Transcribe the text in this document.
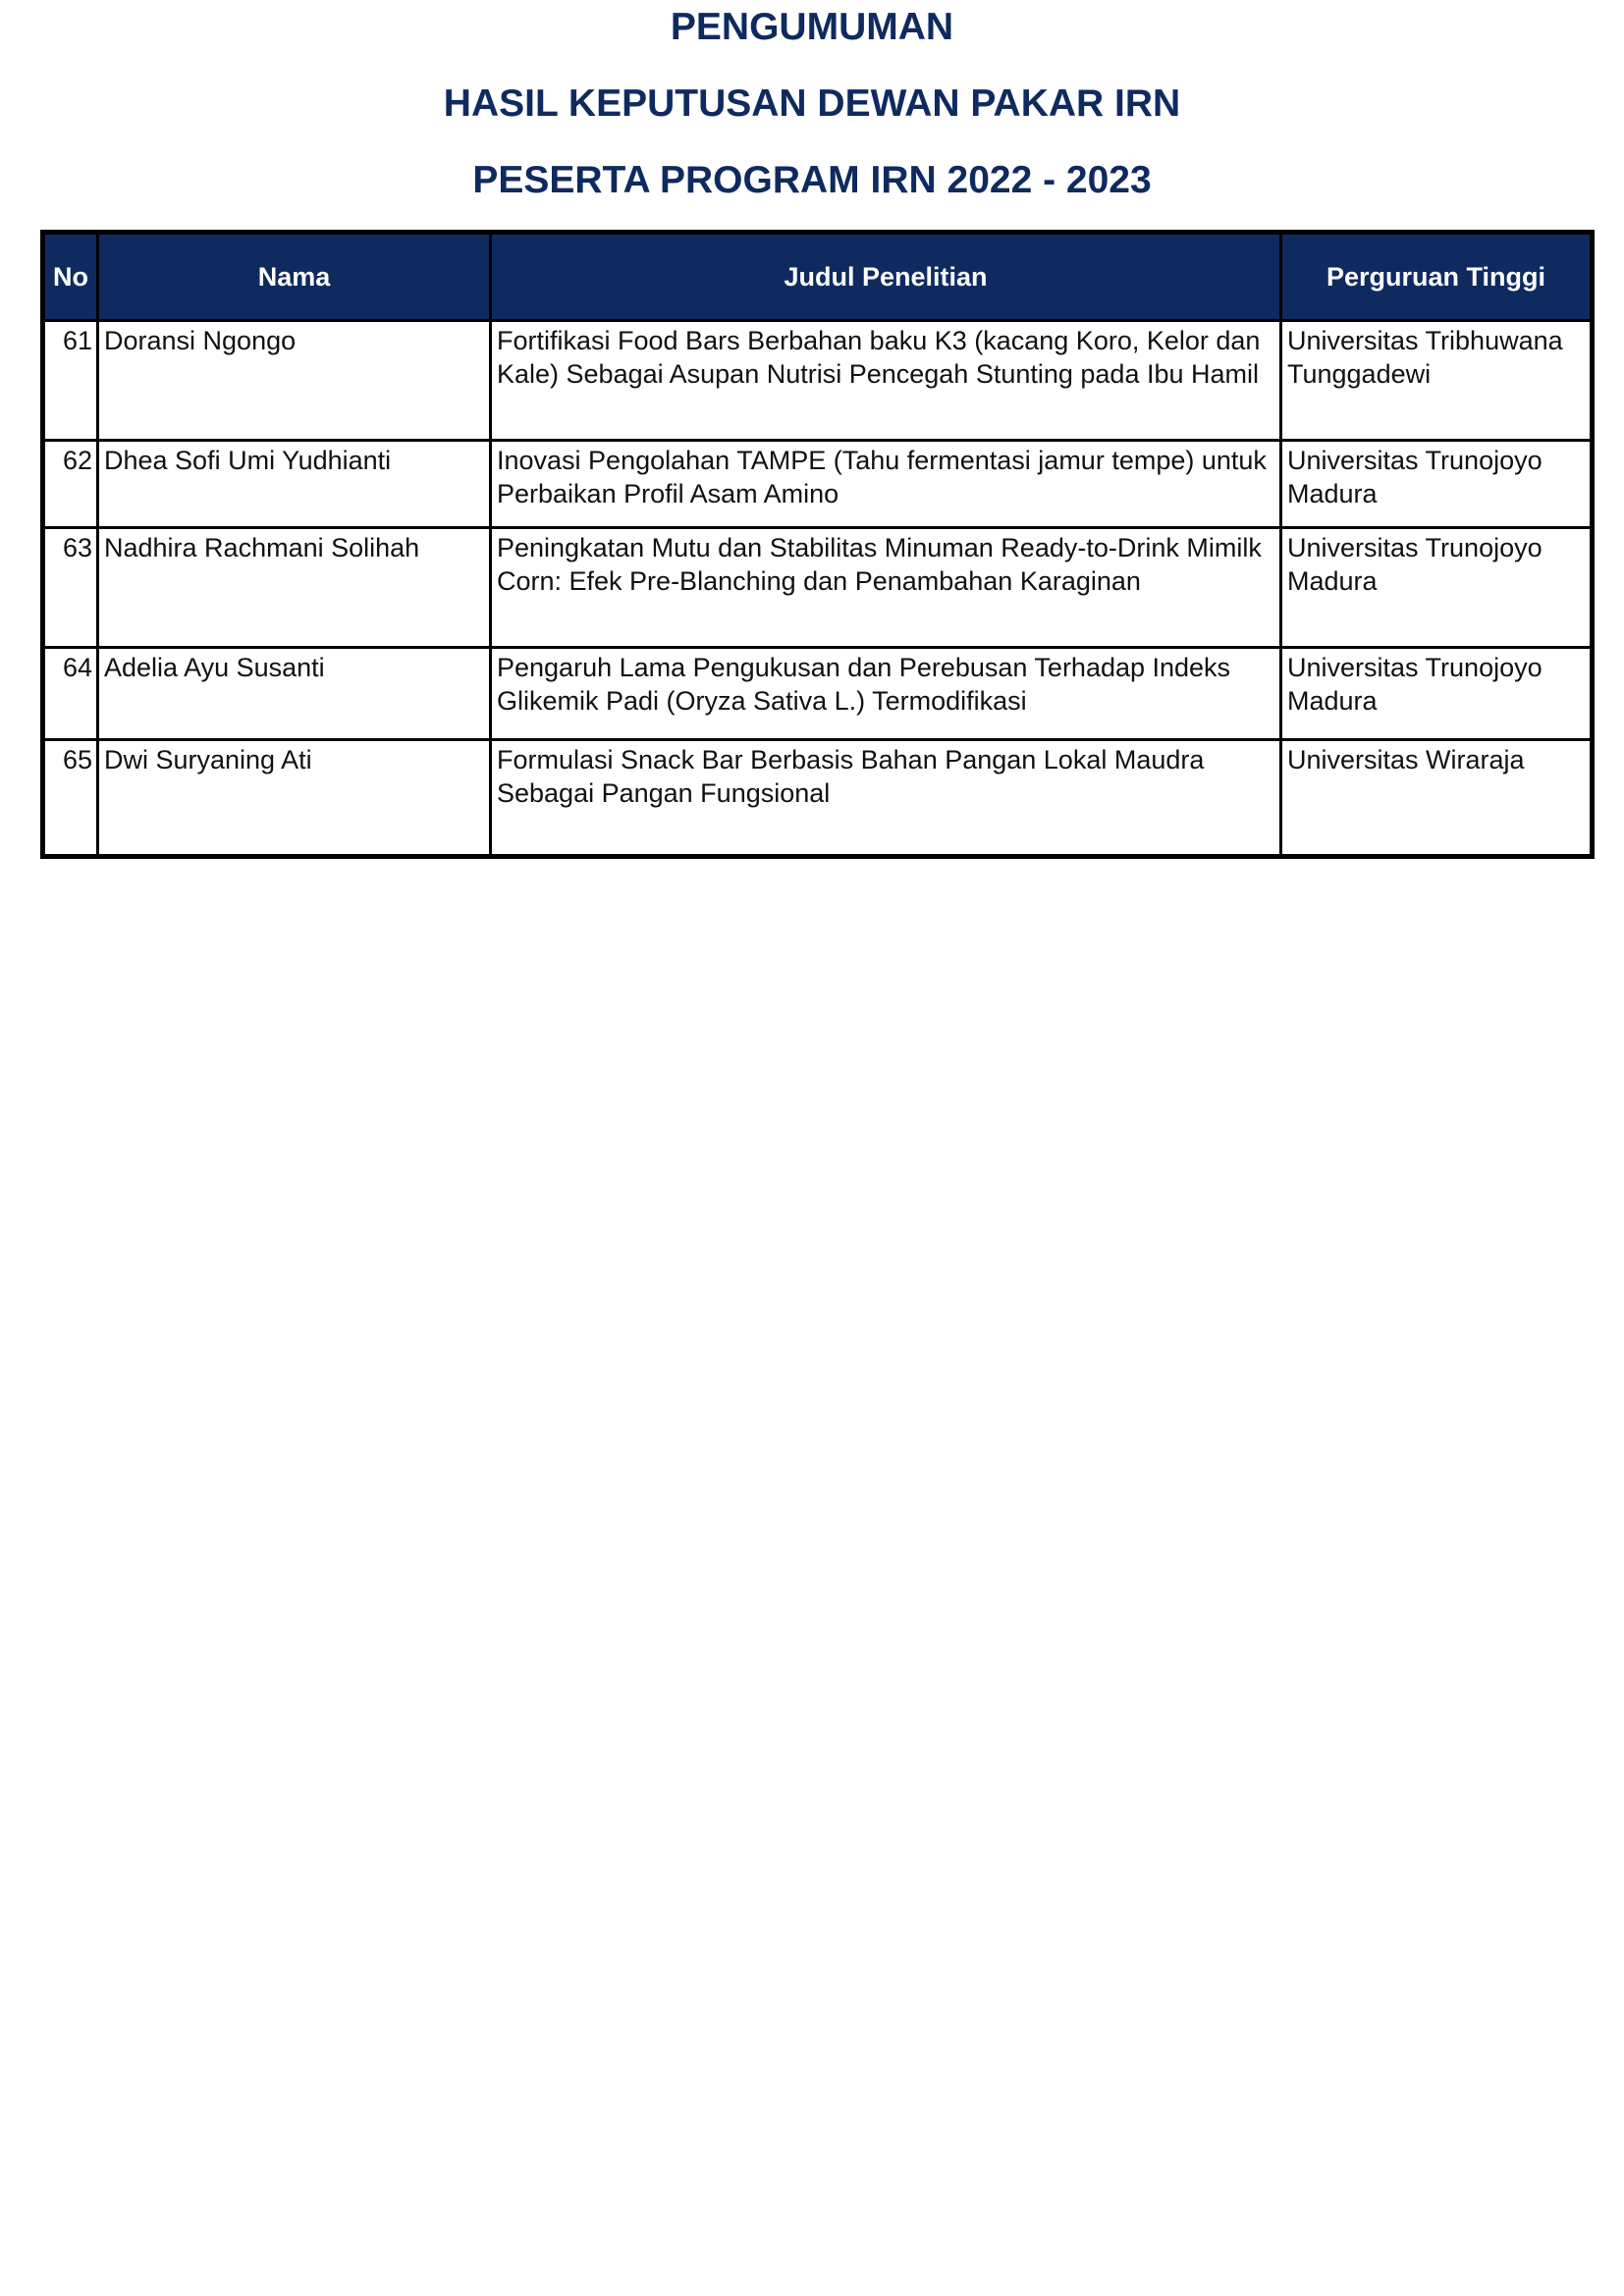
PENGUMUMAN
HASIL KEPUTUSAN DEWAN PAKAR IRN
PESERTA PROGRAM IRN 2022 - 2023
No	Nama	Judul Penelitian	Perguruan Tinggi
61	Doransi Ngongo	Fortifikasi Food Bars Berbahan baku K3 (kacang Koro, Kelor dan Kale) Sebagai Asupan Nutrisi Pencegah Stunting pada Ibu Hamil	Universitas Tribhuwana Tunggadewi
62	Dhea Sofi Umi Yudhianti	Inovasi Pengolahan TAMPE (Tahu fermentasi jamur tempe) untuk Perbaikan Profil Asam Amino	Universitas Trunojoyo Madura
63	Nadhira Rachmani Solihah	Peningkatan Mutu dan Stabilitas Minuman Ready-to-Drink Mimilk Corn: Efek Pre-Blanching dan Penambahan Karaginan	Universitas Trunojoyo Madura
64	Adelia Ayu Susanti	Pengaruh Lama Pengukusan dan Perebusan Terhadap Indeks Glikemik Padi (Oryza Sativa L.) Termodifikasi	Universitas Trunojoyo Madura
65	Dwi Suryaning Ati	Formulasi Snack Bar Berbasis Bahan Pangan Lokal Maudra Sebagai Pangan Fungsional	Universitas Wiraraja
